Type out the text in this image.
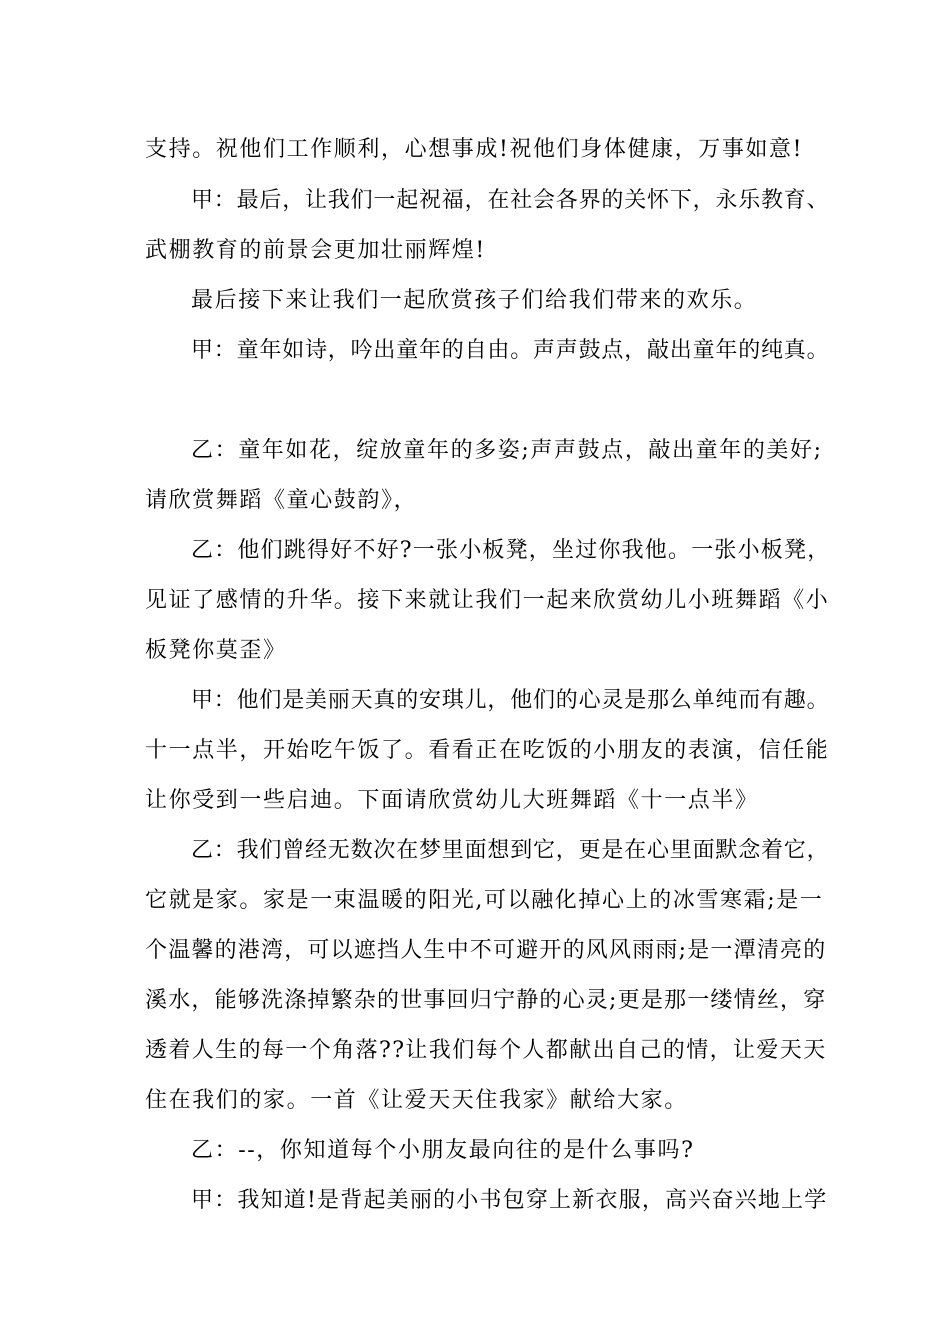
支持。祝他们工作顺利，心想事成!祝他们身体健康，万事如意!
甲：最后，让我们一起祝福，在社会各界的关怀下，永乐教育、
武棚教育的前景会更加壮丽辉煌!
最后接下来让我们一起欣赏孩子们给我们带来的欢乐。
甲：童年如诗，吟出童年的自由。声声鼓点，敲出童年的纯真。
乙：童年如花，绽放童年的多姿;声声鼓点，敲出童年的美好;
请欣赏舞蹈《童心鼓韵》，
乙：他们跳得好不好?一张小板凳，坐过你我他。一张小板凳，
见证了感情的升华。接下来就让我们一起来欣赏幼儿小班舞蹈《小
板凳你莫歪》
甲：他们是美丽天真的安琪儿，他们的心灵是那么单纯而有趣。
十一点半，开始吃午饭了。看看正在吃饭的小朋友的表演，信任能
让你受到一些启迪。下面请欣赏幼儿大班舞蹈《十一点半》
乙：我们曾经无数次在梦里面想到它，更是在心里面默念着它，
它就是家。家是一束温暖的阳光,可以融化掉心上的冰雪寒霜;是一
个温馨的港湾，可以遮挡人生中不可避开的风风雨雨;是一潭清亮的
溪水，能够洗涤掉繁杂的世事回归宁静的心灵;更是那一缕情丝，穿
透着人生的每一个角落??让我们每个人都献出自己的情，让爱天天
住在我们的家。一首《让爱天天住我家》献给大家。
乙：--，你知道每个小朋友最向往的是什么事吗?
甲：我知道!是背起美丽的小书包穿上新衣服，高兴奋兴地上学
